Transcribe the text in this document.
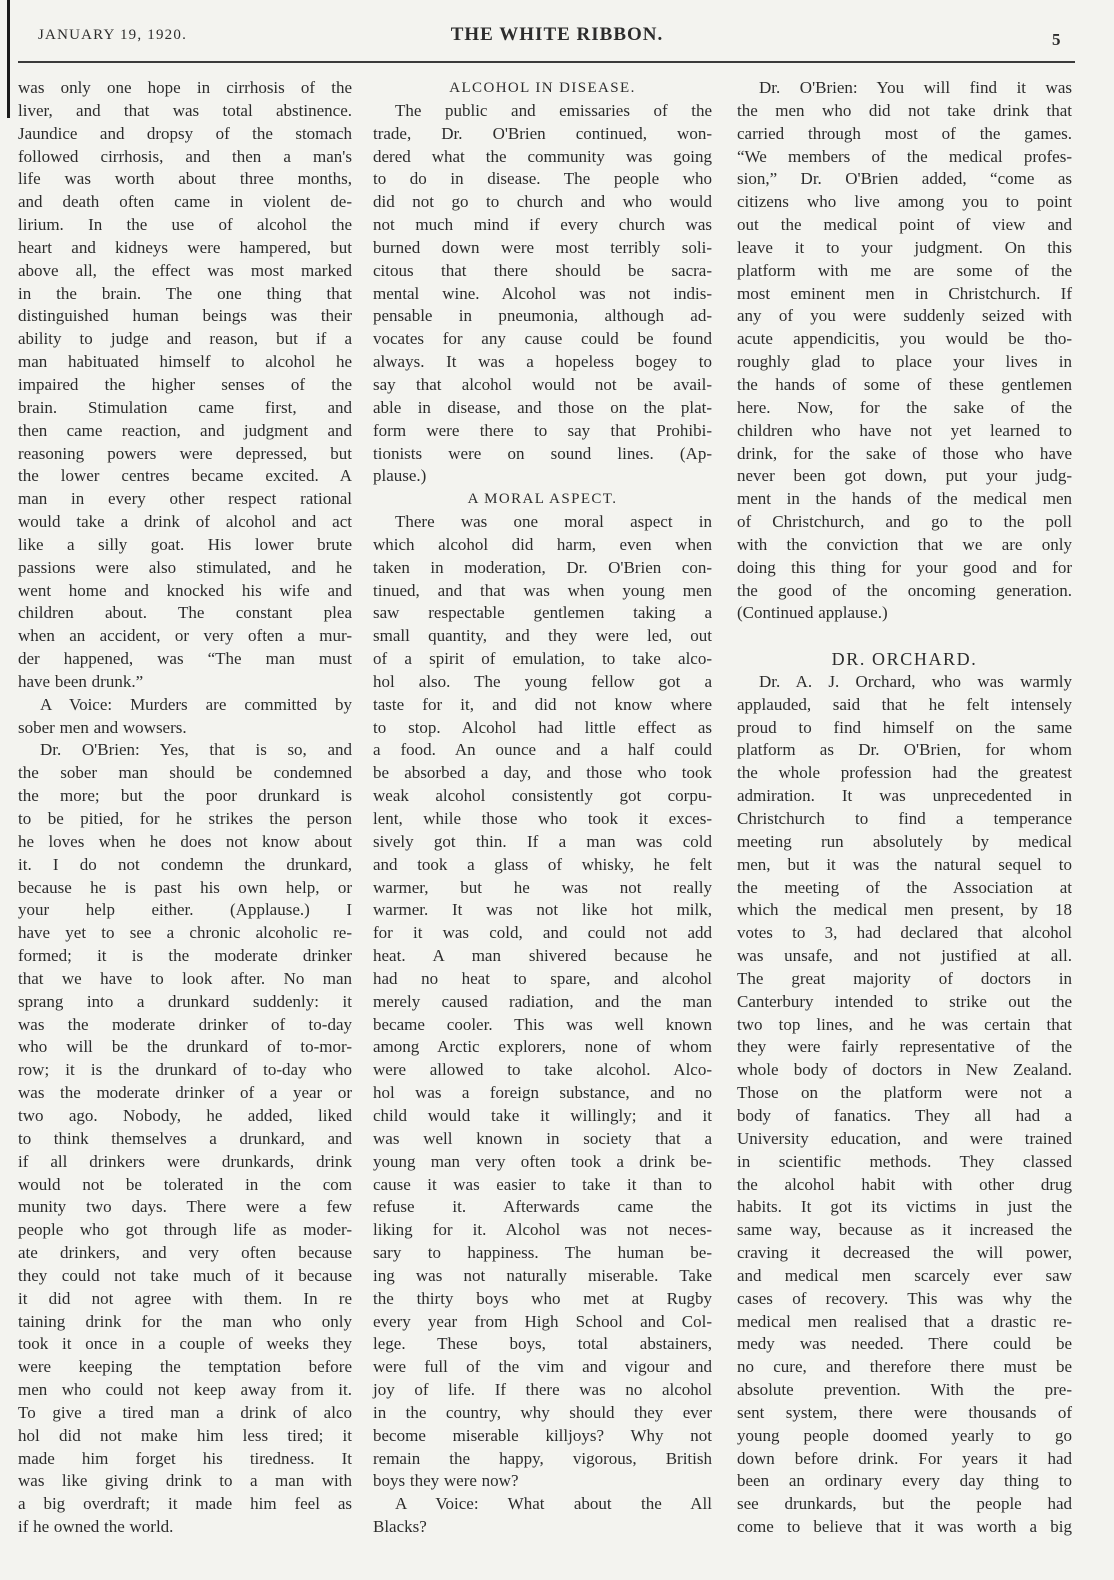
JANUARY 19, 1920.	THE WHITE RIBBON.	5
was only one hope in cirrhosis of the
liver, and that was total abstinence.
Jaundice and dropsy of the stomach
followed cirrhosis, and then a man's
life was worth about three months,
and death often came in violent de-
lirium. In the use of alcohol the
heart and kidneys were hampered, but
above all, the effect was most marked
in the brain. The one thing that
distinguished human beings was their
ability to judge and reason, but if a
man habituated himself to alcohol he
impaired the higher senses of the
brain. Stimulation came first, and
then came reaction, and judgment and
reasoning powers were depressed, but
the lower centres became excited. A
man in every other respect rational
would take a drink of alcohol and act
like a silly goat. His lower brute
passions were also stimulated, and he
went home and knocked his wife and
children about. The constant plea
when an accident, or very often a mur-
der happened, was “The man must
have been drunk.”
A Voice: Murders are committed by
sober men and wowsers.
Dr. O'Brien: Yes, that is so, and
the sober man should be condemned
the more; but the poor drunkard is
to be pitied, for he strikes the person
he loves when he does not know about
it. I do not condemn the drunkard,
because he is past his own help, or
your help either. (Applause.) I
have yet to see a chronic alcoholic re-
formed; it is the moderate drinker
that we have to look after. No man
sprang into a drunkard suddenly: it
was the moderate drinker of to-day
who will be the drunkard of to-mor-
row; it is the drunkard of to-day who
was the moderate drinker of a year or
two ago. Nobody, he added, liked
to think themselves a drunkard, and
if all drinkers were drunkards, drink
would not be tolerated in the com
munity two days. There were a few
people who got through life as moder-
ate drinkers, and very often because
they could not take much of it because
it did not agree with them. In re
taining drink for the man who only
took it once in a couple of weeks they
were keeping the temptation before
men who could not keep away from it.
To give a tired man a drink of alco
hol did not make him less tired; it
made him forget his tiredness. It
was like giving drink to a man with
a big overdraft; it made him feel as
if he owned the world.
ALCOHOL IN DISEASE.
The public and emissaries of the
trade, Dr. O'Brien continued, won-
dered what the community was going
to do in disease. The people who
did not go to church and who would
not much mind if every church was
burned down were most terribly soli-
citous that there should be sacra-
mental wine. Alcohol was not indis-
pensable in pneumonia, although ad-
vocates for any cause could be found
always. It was a hopeless bogey to
say that alcohol would not be avail-
able in disease, and those on the plat-
form were there to say that Prohibi-
tionists were on sound lines. (Ap-
plause.)
A MORAL ASPECT.
There was one moral aspect in
which alcohol did harm, even when
taken in moderation, Dr. O'Brien con-
tinued, and that was when young men
saw respectable gentlemen taking a
small quantity, and they were led, out
of a spirit of emulation, to take alco-
hol also. The young fellow got a
taste for it, and did not know where
to stop. Alcohol had little effect as
a food. An ounce and a half could
be absorbed a day, and those who took
weak alcohol consistently got corpu-
lent, while those who took it exces-
sively got thin. If a man was cold
and took a glass of whisky, he felt
warmer, but he was not really
warmer. It was not like hot milk,
for it was cold, and could not add
heat. A man shivered because he
had no heat to spare, and alcohol
merely caused radiation, and the man
became cooler. This was well known
among Arctic explorers, none of whom
were allowed to take alcohol. Alco-
hol was a foreign substance, and no
child would take it willingly; and it
was well known in society that a
young man very often took a drink be-
cause it was easier to take it than to
refuse it. Afterwards came the
liking for it. Alcohol was not neces-
sary to happiness. The human be-
ing was not naturally miserable. Take
the thirty boys who met at Rugby
every year from High School and Col-
lege. These boys, total abstainers,
were full of the vim and vigour and
joy of life. If there was no alcohol
in the country, why should they ever
become miserable killjoys? Why not
remain the happy, vigorous, British
boys they were now?
A Voice: What about the All
Blacks?
Dr. O'Brien: You will find it was
the men who did not take drink that
carried through most of the games.
“We members of the medical profes-
sion,” Dr. O'Brien added, “come as
citizens who live among you to point
out the medical point of view and
leave it to your judgment. On this
platform with me are some of the
most eminent men in Christchurch. If
any of you were suddenly seized with
acute appendicitis, you would be tho-
roughly glad to place your lives in
the hands of some of these gentlemen
here. Now, for the sake of the
children who have not yet learned to
drink, for the sake of those who have
never been got down, put your judg-
ment in the hands of the medical men
of Christchurch, and go to the poll
with the conviction that we are only
doing this thing for your good and for
the good of the oncoming generation.
(Continued applause.)
DR. ORCHARD.
Dr. A. J. Orchard, who was warmly
applauded, said that he felt intensely
proud to find himself on the same
platform as Dr. O'Brien, for whom
the whole profession had the greatest
admiration. It was unprecedented in
Christchurch to find a temperance
meeting run absolutely by medical
men, but it was the natural sequel to
the meeting of the Association at
which the medical men present, by 18
votes to 3, had declared that alcohol
was unsafe, and not justified at all.
The great majority of doctors in
Canterbury intended to strike out the
two top lines, and he was certain that
they were fairly representative of the
whole body of doctors in New Zealand.
Those on the platform were not a
body of fanatics. They all had a
University education, and were trained
in scientific methods. They classed
the alcohol habit with other drug
habits. It got its victims in just the
same way, because as it increased the
craving it decreased the will power,
and medical men scarcely ever saw
cases of recovery. This was why the
medical men realised that a drastic re-
medy was needed. There could be
no cure, and therefore there must be
absolute prevention. With the pre-
sent system, there were thousands of
young people doomed yearly to go
down before drink. For years it had
been an ordinary every day thing to
see drunkards, but the people had
come to believe that it was worth a big
